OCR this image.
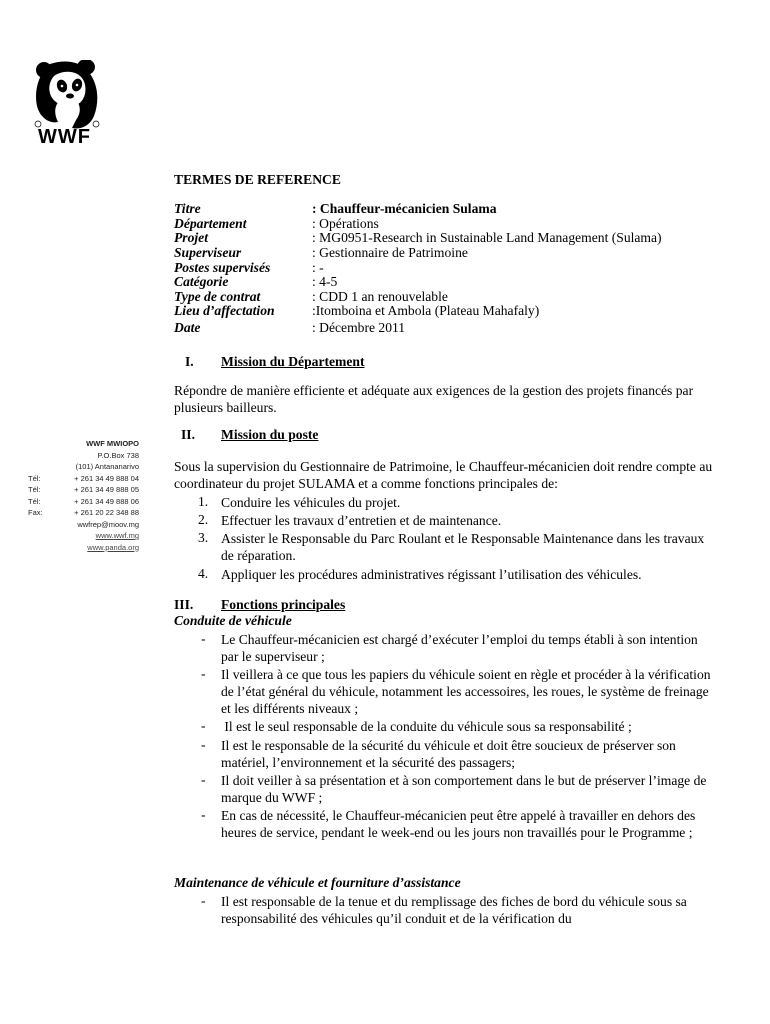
WWF
WWF MWIOPO
P.O.Box 738
(101) Antananarivo
Tél:	+ 261 34 49 888 04
Tél:	+ 261 34 49 888 05
Tél:	+ 261 34 49 888 06
Fax:	+ 261 20 22 348 88
wwfrep@moov.mg
www.wwf.mg
www.panda.org
TERMES DE REFERENCE
Titre	: Chauffeur-mécanicien Sulama
Département	: Opérations
Projet	: MG0951-Research in Sustainable Land Management (Sulama)
Superviseur	: Gestionnaire de Patrimoine
Postes supervisés	: -
Catégorie	: 4-5
Type de contrat	: CDD 1 an renouvelable
Lieu d’affectation	:Itomboina et Ambola (Plateau Mahafaly)
Date	: Décembre 2011
I. Mission du Département
Répondre de manière efficiente et adéquate aux exigences de la gestion des projets financés par plusieurs bailleurs.
II. Mission du poste
Sous la supervision du Gestionnaire de Patrimoine, le Chauffeur-mécanicien doit rendre compte au coordinateur du projet SULAMA et a comme fonctions principales de:
1. Conduire les véhicules du projet.
2. Effectuer les travaux d’entretien et de maintenance.
3. Assister le Responsable du Parc Roulant et le Responsable Maintenance dans les travaux de réparation.
4. Appliquer les procédures administratives régissant l’utilisation des véhicules.
III. Fonctions principales
Conduite de véhicule
- Le Chauffeur-mécanicien est chargé d’exécuter l’emploi du temps établi à son intention par le superviseur ;
- Il veillera à ce que tous les papiers du véhicule soient en règle et procéder à la vérification de l’état général du véhicule, notamment les accessoires, les roues, le système de freinage et les différents niveaux ;
- Il est le seul responsable de la conduite du véhicule sous sa responsabilité ;
- Il est le responsable de la sécurité du véhicule et doit être soucieux de préserver son matériel, l’environnement et la sécurité des passagers;
- Il doit veiller à sa présentation et à son comportement dans le but de préserver l’image de marque du WWF ;
- En cas de nécessité, le Chauffeur-mécanicien peut être appelé à travailler en dehors des heures de service, pendant le week-end ou les jours non travaillés pour le Programme ;
Maintenance de véhicule et fourniture d’assistance
- Il est responsable de la tenue et du remplissage des fiches de bord du véhicule sous sa responsabilité des véhicules qu’il conduit et de la vérification du
